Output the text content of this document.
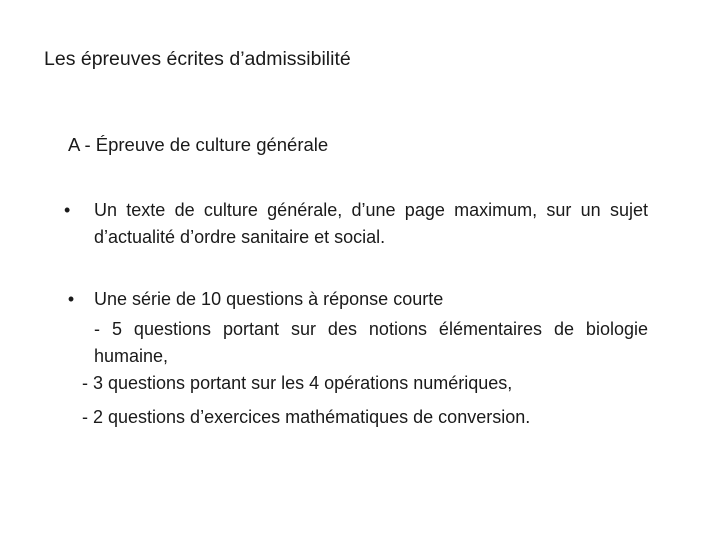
Les épreuves écrites d’admissibilité
A - Épreuve de culture générale
•	Un texte de culture générale, d’une page maximum, sur un sujet d’actualité d’ordre sanitaire et social.
• Une série de 10 questions à réponse courte
- 5 questions portant sur des notions élémentaires de biologie humaine,
- 3 questions portant sur les 4 opérations numériques,
- 2 questions d’exercices mathématiques de conversion.
